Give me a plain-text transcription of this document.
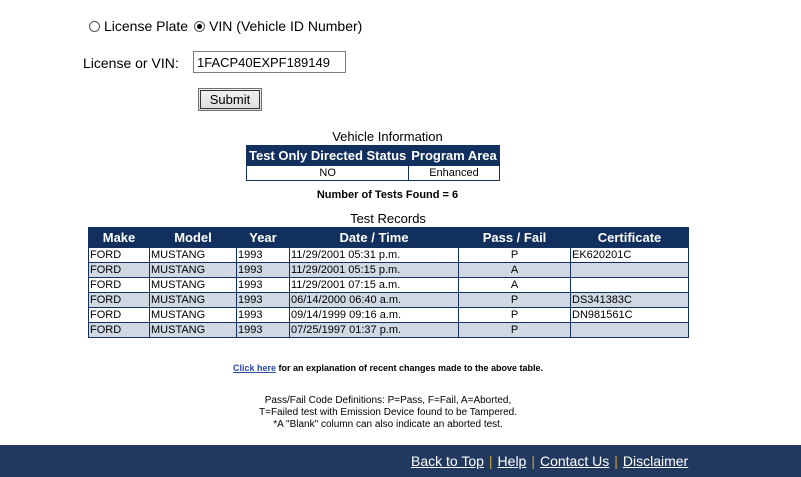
License Plate VIN (Vehicle ID Number)
License or VIN:
1FACP40EXPF189149
Submit
Vehicle Information
Test Only Directed Status	Program Area
NO	Enhanced
Number of Tests Found = 6
Test Records
Make	Model	Year	Date / Time	Pass / Fail	Certificate
FORD	MUSTANG	1993	11/29/2001 05:31 p.m.	P	EK620201C
FORD	MUSTANG	1993	11/29/2001 05:15 p.m.	A	
FORD	MUSTANG	1993	11/29/2001 07:15 a.m.	A	
FORD	MUSTANG	1993	06/14/2000 06:40 a.m.	P	DS341383C
FORD	MUSTANG	1993	09/14/1999 09:16 a.m.	P	DN981561C
FORD	MUSTANG	1993	07/25/1997 01:37 p.m.	P	
Click here for an explanation of recent changes made to the above table.
Pass/Fail Code Definitions: P=Pass, F=Fail, A=Aborted,
T=Failed test with Emission Device found to be Tampered.
*A "Blank" column can also indicate an aborted test.
Back to Top | Help | Contact Us | Disclaimer
